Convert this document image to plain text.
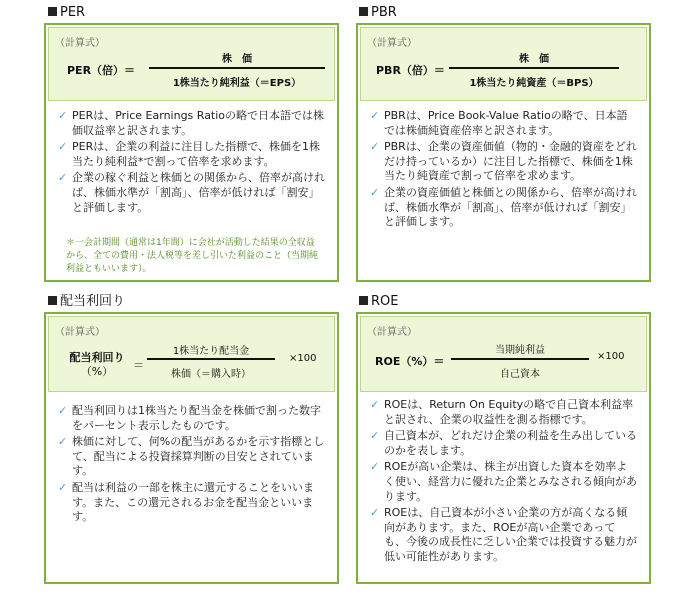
PER
（計算式）
PER（倍）＝
株　価
1株当たり純利益（＝EPS）
✓ PERは、Price Earnings Ratioの略で日本語では株価収益率と訳されます。
✓ PERは、企業の利益に注目した指標で、株価を1株当たり純利益*で割って倍率を求めます。
✓ 企業の稼ぐ利益と株価との関係から、倍率が高ければ、株価水準が「割高」、倍率が低ければ「割安」と評価します。
＊一会計期間（通常は1年間）に会社が活動した結果の全収益から、全ての費用・法人税等を差し引いた利益のこと（当期純利益ともいいます）。
PBR
（計算式）
PBR（倍）＝
株　価
1株当たり純資産（＝BPS）
✓ PBRは、Price Book-Value Ratioの略で、日本語では株価純資産倍率と訳されます。
✓ PBRは、企業の資産価値（物的・金融的資産をどれだけ持っているか）に注目した指標で、株価を1株当たり純資産で割って倍率を求めます。
✓ 企業の資産価値と株価との関係から、倍率が高ければ、株価水準が「割高」、倍率が低ければ「割安」と評価します。
配当利回り
（計算式）
配当利回り
（%）	＝
1株当たり配当金
株価（＝購入時）
×100
✓ 配当利回りは1株当たり配当金を株価で割った数字をパーセント表示したものです。
✓ 株価に対して、何%の配当があるかを示す指標として、配当による投資採算判断の目安とされています。
✓ 配当は利益の一部を株主に還元することをいいます。また、この還元されるお金を配当金といいます。
ROE
（計算式）
ROE（%）＝
当期純利益
自己資本
×100
✓ ROEは、Return On Equityの略で自己資本利益率と訳され、企業の収益性を測る指標です。
✓ 自己資本が、どれだけ企業の利益を生み出しているのかを表します。
✓ ROEが高い企業は、株主が出資した資本を効率よく使い、経営力に優れた企業とみなされる傾向があります。
✓ ROEは、自己資本が小さい企業の方が高くなる傾向があります。また、ROEが高い企業であっても、今後の成長性に乏しい企業では投資する魅力が低い可能性があります。
